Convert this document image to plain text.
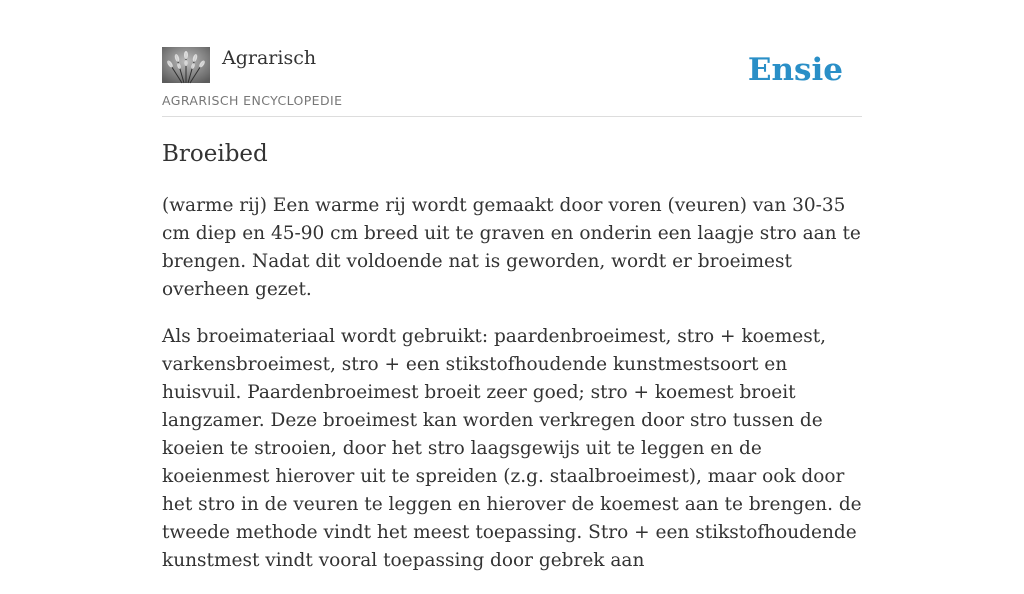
Agrarisch
AGRARISCH ENCYCLOPEDIE
Ensie
Broeibed

(warme rij) Een warme rij wordt gemaakt door voren (veuren) van 30-35 cm diep en 45-90 cm breed uit te graven en onderin een laagje stro aan te brengen. Nadat dit voldoende nat is geworden, wordt er broeimest overheen gezet.

Als broeimateriaal wordt gebruikt: paardenbroeimest, stro + koemest, varkensbroeimest, stro + een stikstofhoudende kunstmestsoort en huisvuil. Paardenbroeimest broeit zeer goed; stro + koemest broeit langzamer. Deze broeimest kan worden verkregen door stro tussen de koeien te strooien, door het stro laagsgewijs uit te leggen en de koeienmest hierover uit te spreiden (z.g. staalbroeimest), maar ook door het stro in de veuren te leggen en hierover de koemest aan te brengen. de tweede methode vindt het meest toepassing. Stro + een stikstofhoudende kunstmest vindt vooral toepassing door gebrek aan
